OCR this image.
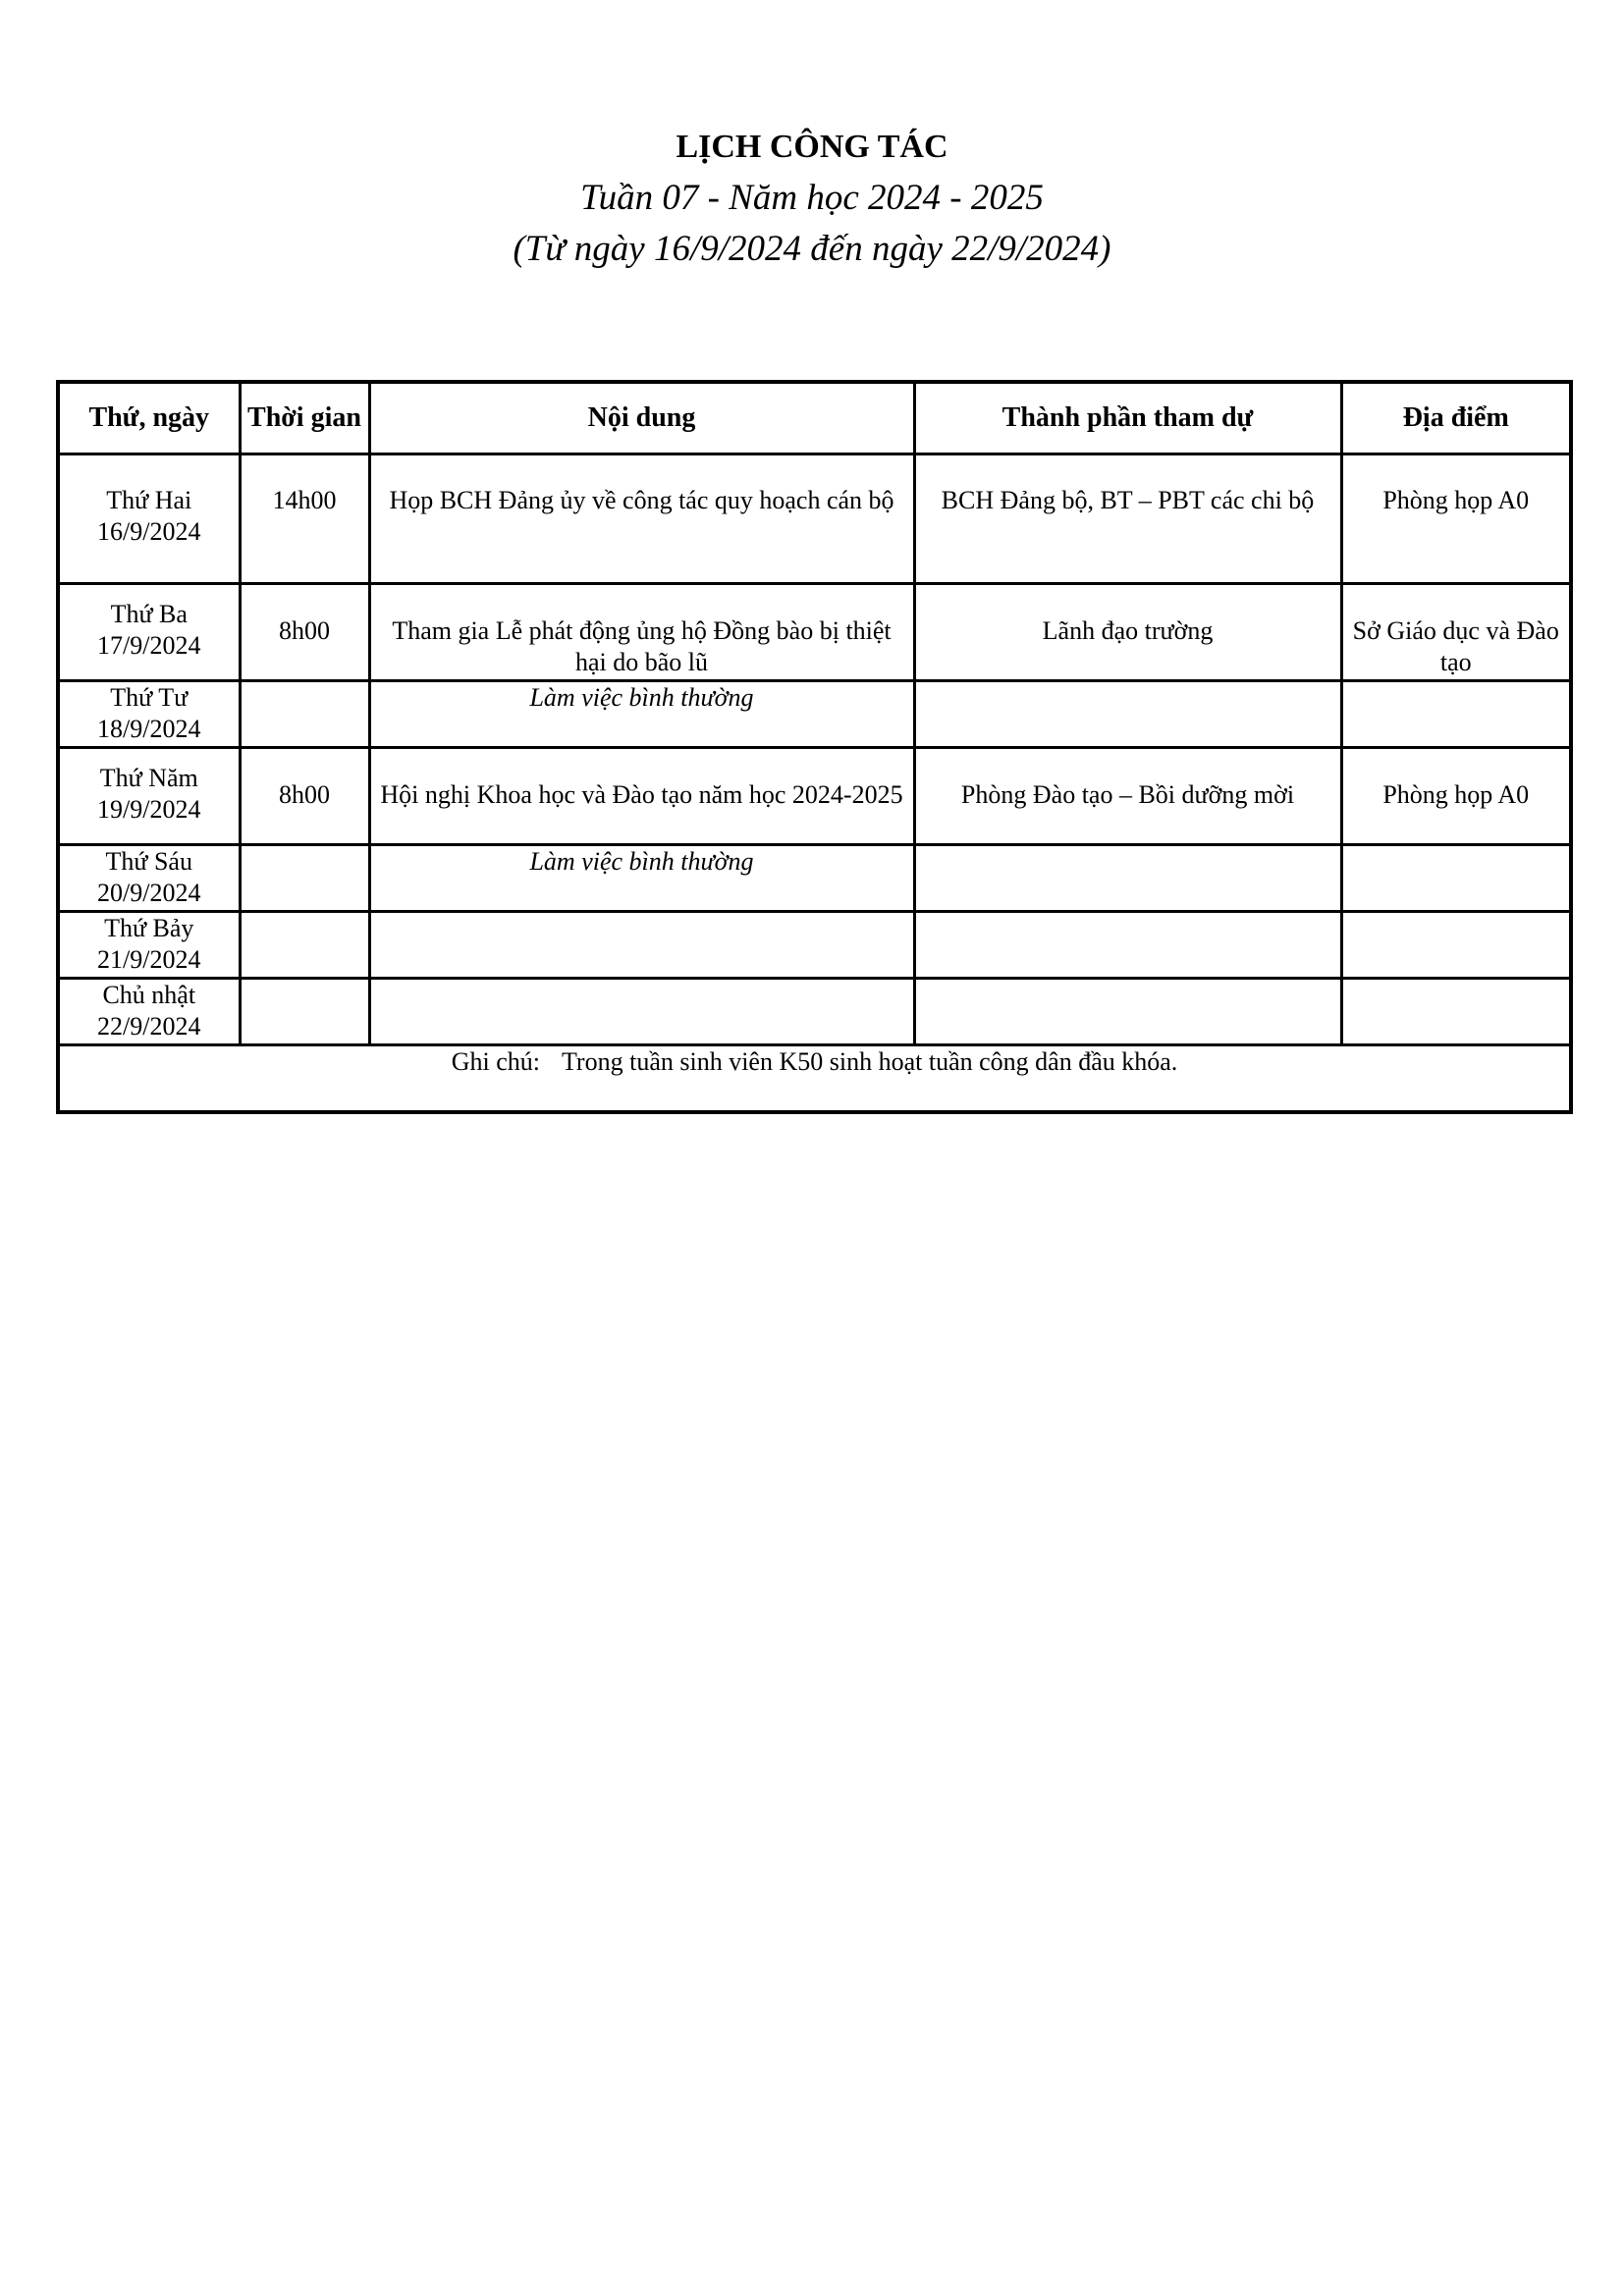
LỊCH CÔNG TÁC
Tuần 07 - Năm học 2024 - 2025
(Từ ngày 16/9/2024 đến ngày 22/9/2024)
Thứ, ngày	Thời gian	Nội dung	Thành phần tham dự	Địa điểm

Thứ Hai
16/9/2024	14h00	Họp BCH Đảng ủy về công tác quy hoạch cán bộ	BCH Đảng bộ, BT – PBT các chi bộ	Phòng họp A0

Thứ Ba
17/9/2024	8h00	Tham gia Lễ phát động ủng hộ Đồng bào bị thiệt hại do bão lũ	Lãnh đạo trường	Sở Giáo dục và Đào tạo

Thứ Tư
18/9/2024		Làm việc bình thường		

Thứ Năm
19/9/2024	8h00	Hội nghị Khoa học và Đào tạo năm học 2024-2025	Phòng Đào tạo – Bồi dưỡng mời	Phòng họp A0

Thứ Sáu
20/9/2024		Làm việc bình thường		

Thứ Bảy
21/9/2024				

Chủ nhật
22/9/2024				

Ghi chú: Trong tuần sinh viên K50 sinh hoạt tuần công dân đầu khóa.				
